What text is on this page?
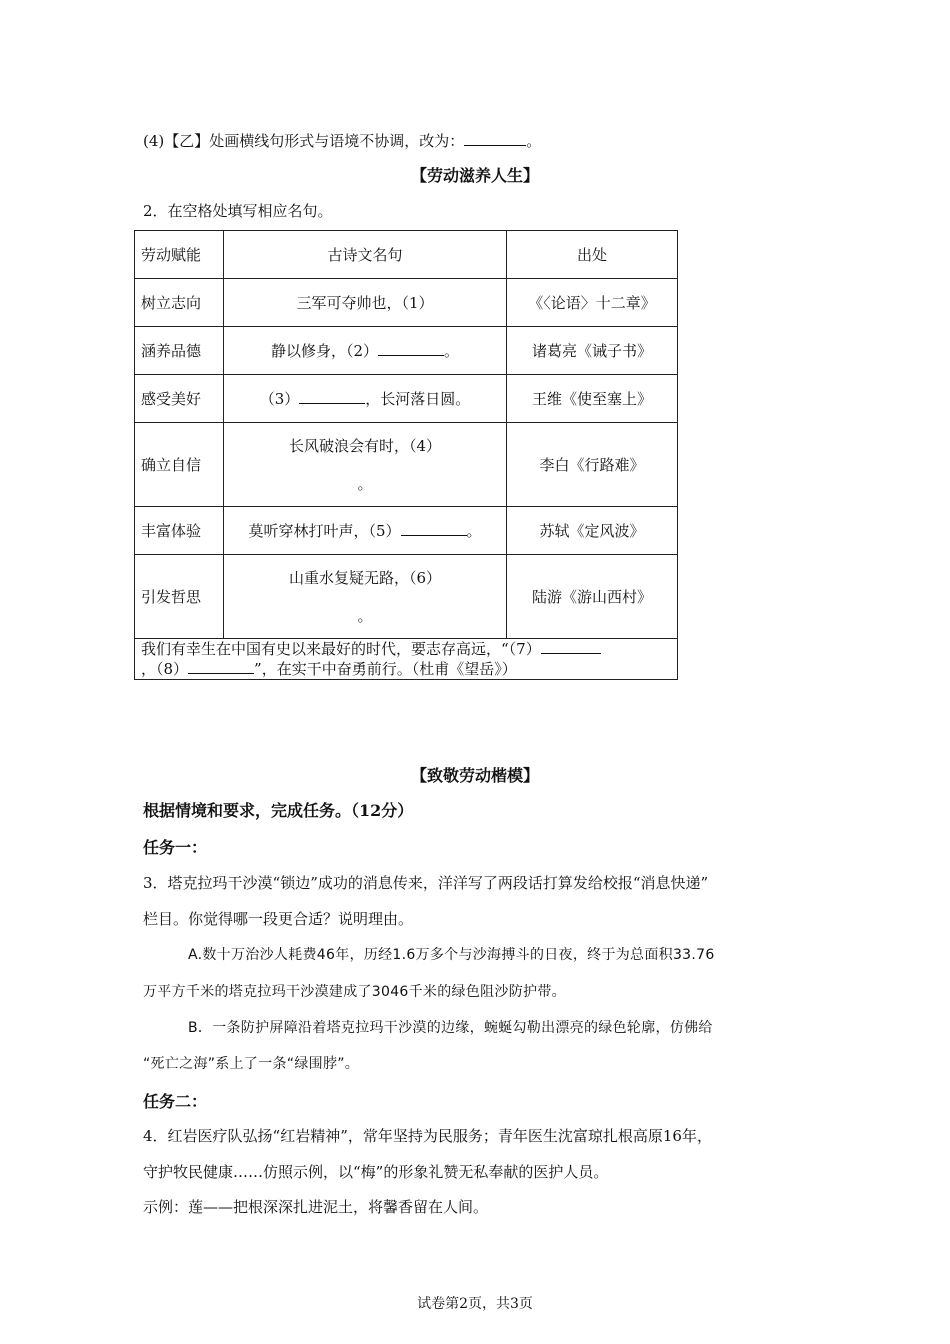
(4)【乙】处画横线句形式与语境不协调，改为：	。
【劳动滋养人生】
2．在空格处填写相应名句。
劳动赋能	古诗文名句	出处
树立志向	三军可夺帅也，（1）	《〈论语〉十二章》
涵养品德	静以修身，（2） 。	诸葛亮《诫子书》
感受美好	（3） ，长河落日圆。	王维《使至塞上》
确立自信	长风破浪会有时，（4）
。	李白《行路难》
丰富体验	莫听穿林打叶声，（5） 。	苏轼《定风波》
引发哲思	山重水复疑无路，（6）
。	陆游《游山西村》
我们有幸生在中国有史以来最好的时代，要志存高远，“（7）
，（8） ”，在实干中奋勇前行。（杜甫《望岳》）		
【致敬劳动楷模】
根据情境和要求，完成任务。（12分）
任务一：
3．塔克拉玛干沙漠“锁边”成功的消息传来，洋洋写了两段话打算发给校报“消息快递”
栏目。你觉得哪一段更合适？说明理由。
A.数十万治沙人耗费46年，历经1.6万多个与沙海搏斗的日夜，终于为总面积33.76
万平方千米的塔克拉玛干沙漠建成了3046千米的绿色阻沙防护带。
B．一条防护屏障沿着塔克拉玛干沙漠的边缘，蜿蜒勾勒出漂亮的绿色轮廓，仿佛给
“死亡之海”系上了一条“绿围脖”。
任务二：
4．红岩医疗队弘扬“红岩精神”，常年坚持为民服务；青年医生沈富琼扎根高原16年，
守护牧民健康……仿照示例，以“梅”的形象礼赞无私奉献的医护人员。
示例：莲——把根深深扎进泥土，将馨香留在人间。
试卷第2页，共3页
